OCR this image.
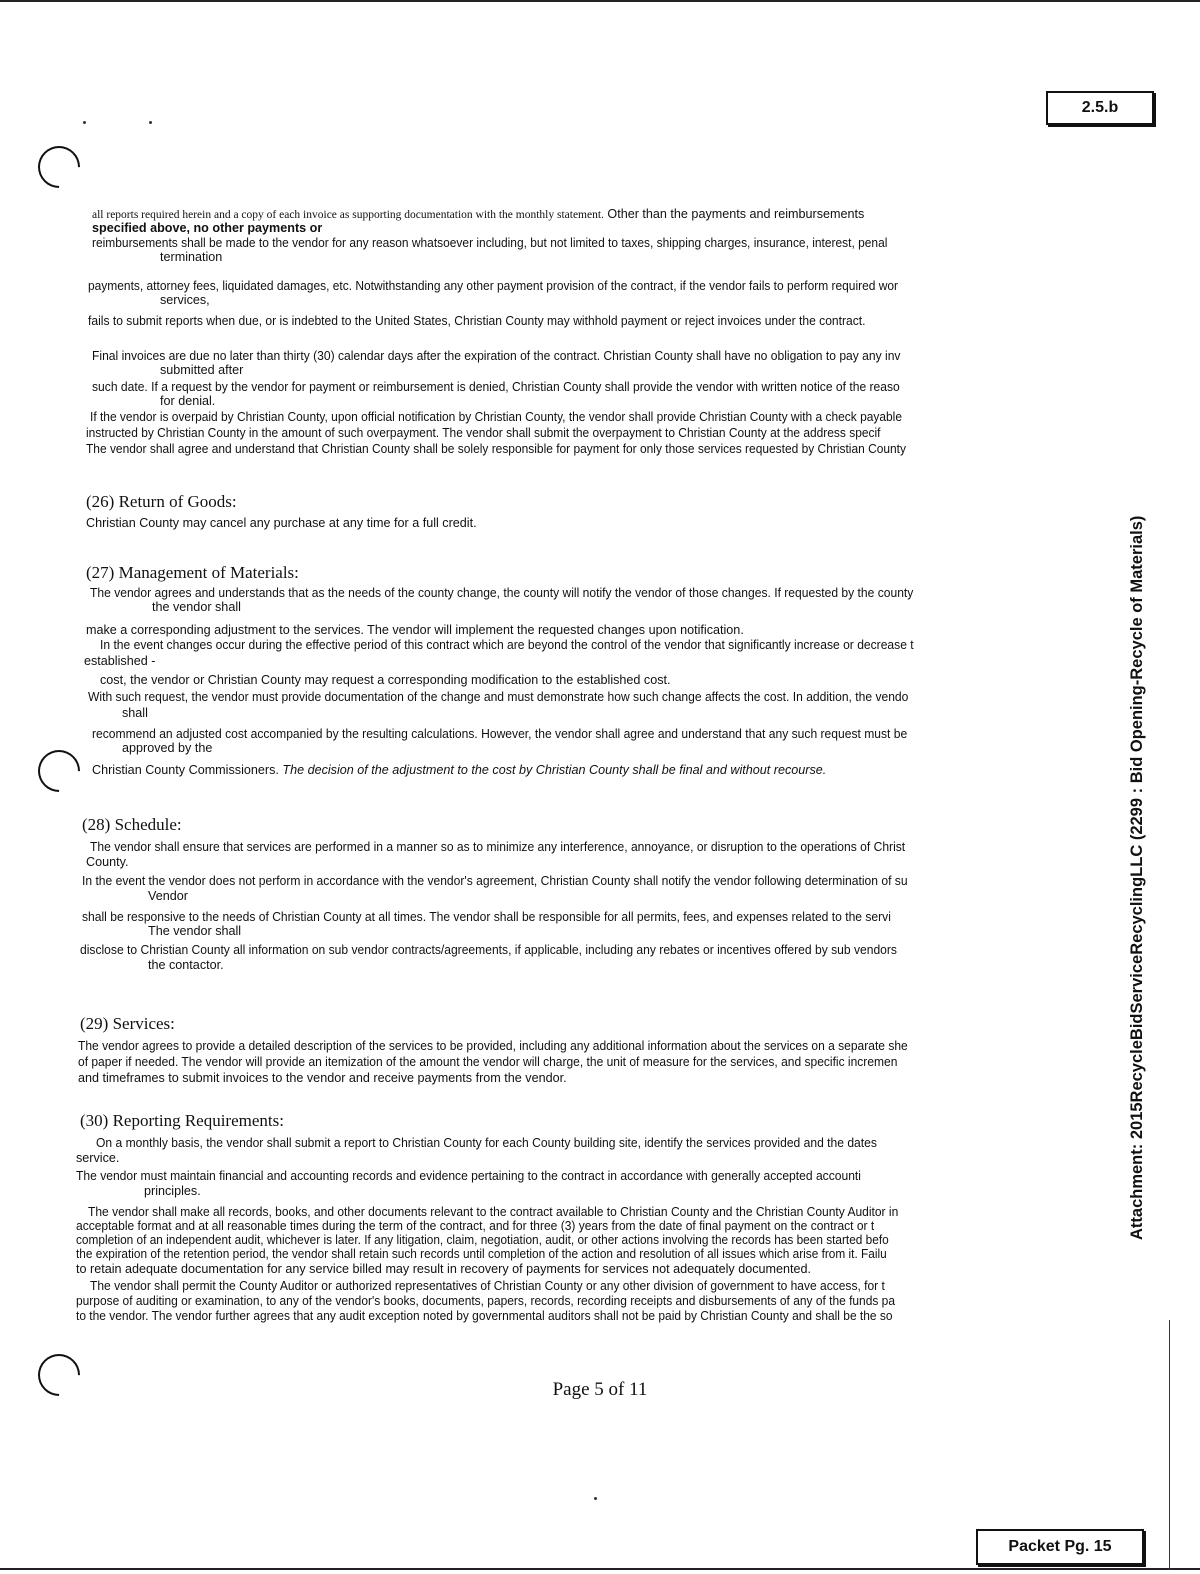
2.5.b
Attachment: 2015RecycleBidServiceRecyclingLLC (2299 : Bid Opening-Recycle of Materials)
all reports required herein and a copy of each invoice as supporting documentation with the monthly statement. Other than the payments and reimbursements
specified above, no other payments or
reimbursements shall be made to the vendor for any reason whatsoever including, but not limited to taxes, shipping charges, insurance, interest, penal
termination
payments, attorney fees, liquidated damages, etc. Notwithstanding any other payment provision of the contract, if the vendor fails to perform required wor
services,
fails to submit reports when due, or is indebted to the United States, Christian County may withhold payment or reject invoices under the contract.
Final invoices are due no later than thirty (30) calendar days after the expiration of the contract. Christian County shall have no obligation to pay any inv
submitted after
such date. If a request by the vendor for payment or reimbursement is denied, Christian County shall provide the vendor with written notice of the reaso
for denial.
If the vendor is overpaid by Christian County, upon official notification by Christian County, the vendor shall provide Christian County with a check payable
instructed by Christian County in the amount of such overpayment. The vendor shall submit the overpayment to Christian County at the address specif
The vendor shall agree and understand that Christian County shall be solely responsible for payment for only those services requested by Christian County
(26) Return of Goods:
Christian County may cancel any purchase at any time for a full credit.
(27) Management of Materials:
The vendor agrees and understands that as the needs of the county change, the county will notify the vendor of those changes. If requested by the county
the vendor shall
make a corresponding adjustment to the services. The vendor will implement the requested changes upon notification.
In the event changes occur during the effective period of this contract which are beyond the control of the vendor that significantly increase or decrease t
established -
cost, the vendor or Christian County may request a corresponding modification to the established cost.
With such request, the vendor must provide documentation of the change and must demonstrate how such change affects the cost. In addition, the vendo
shall
recommend an adjusted cost accompanied by the resulting calculations. However, the vendor shall agree and understand that any such request must be
approved by the
Christian County Commissioners. The decision of the adjustment to the cost by Christian County shall be final and without recourse.
(28) Schedule:
The vendor shall ensure that services are performed in a manner so as to minimize any interference, annoyance, or disruption to the operations of Christ
County.
In the event the vendor does not perform in accordance with the vendor's agreement, Christian County shall notify the vendor following determination of su
Vendor
shall be responsive to the needs of Christian County at all times. The vendor shall be responsible for all permits, fees, and expenses related to the servi
The vendor shall
disclose to Christian County all information on sub vendor contracts/agreements, if applicable, including any rebates or incentives offered by sub vendors
the contactor.
(29) Services:
The vendor agrees to provide a detailed description of the services to be provided, including any additional information about the services on a separate she
of paper if needed. The vendor will provide an itemization of the amount the vendor will charge, the unit of measure for the services, and specific incremen
and timeframes to submit invoices to the vendor and receive payments from the vendor.
(30) Reporting Requirements:
On a monthly basis, the vendor shall submit a report to Christian County for each County building site, identify the services provided and the dates
service.
The vendor must maintain financial and accounting records and evidence pertaining to the contract in accordance with generally accepted accounti
principles.
The vendor shall make all records, books, and other documents relevant to the contract available to Christian County and the Christian County Auditor in
acceptable format and at all reasonable times during the term of the contract, and for three (3) years from the date of final payment on the contract or t
completion of an independent audit, whichever is later. If any litigation, claim, negotiation, audit, or other actions involving the records has been started befo
the expiration of the retention period, the vendor shall retain such records until completion of the action and resolution of all issues which arise from it. Failu
to retain adequate documentation for any service billed may result in recovery of payments for services not adequately documented.
The vendor shall permit the County Auditor or authorized representatives of Christian County or any other division of government to have access, for t
purpose of auditing or examination, to any of the vendor's books, documents, papers, records, recording receipts and disbursements of any of the funds pa
to the vendor. The vendor further agrees that any audit exception noted by governmental auditors shall not be paid by Christian County and shall be the so
Page 5 of 11
Packet Pg. 15
